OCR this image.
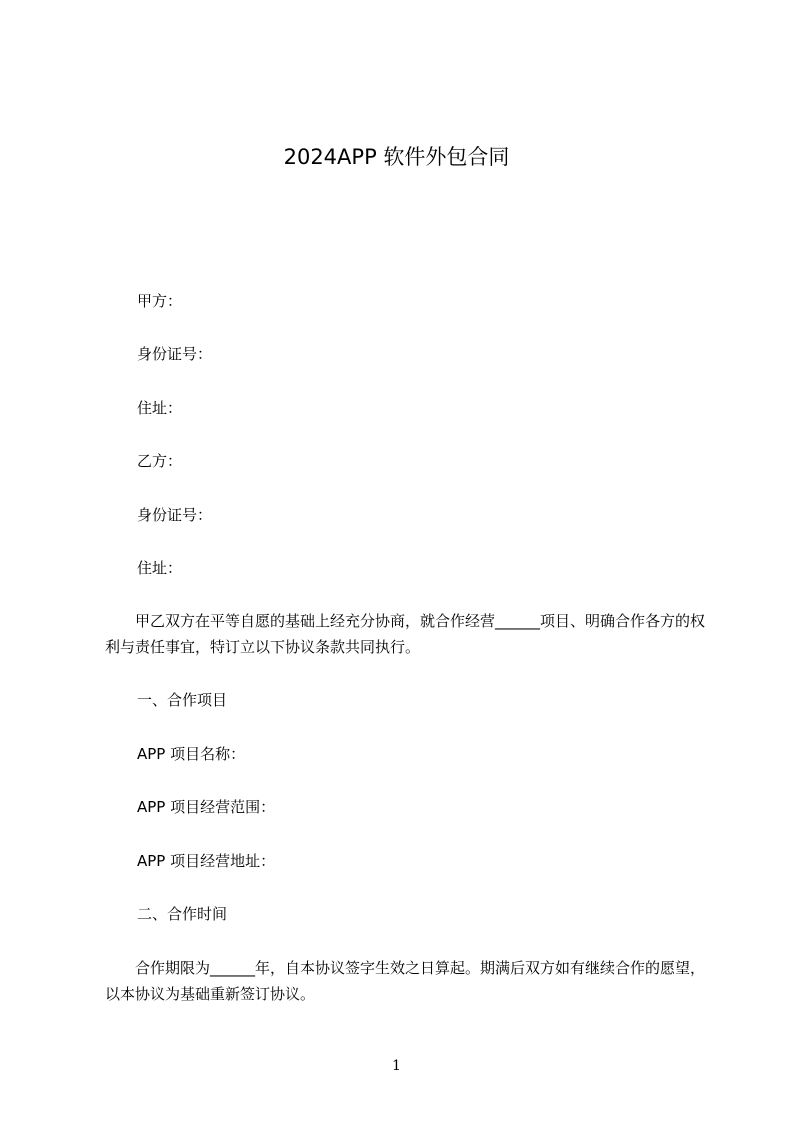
2024APP 软件外包合同
甲方：
身份证号：
住址：
乙方：
身份证号：
住址：
甲乙双方在平等自愿的基础上经充分协商，就合作经营______项目、明确合作各方的权利与责任事宜，特订立以下协议条款共同执行。
一、合作项目
APP 项目名称：
APP 项目经营范围：
APP 项目经营地址：
二、合作时间
合作期限为______年，自本协议签字生效之日算起。期满后双方如有继续合作的愿望，以本协议为基础重新签订协议。
1
